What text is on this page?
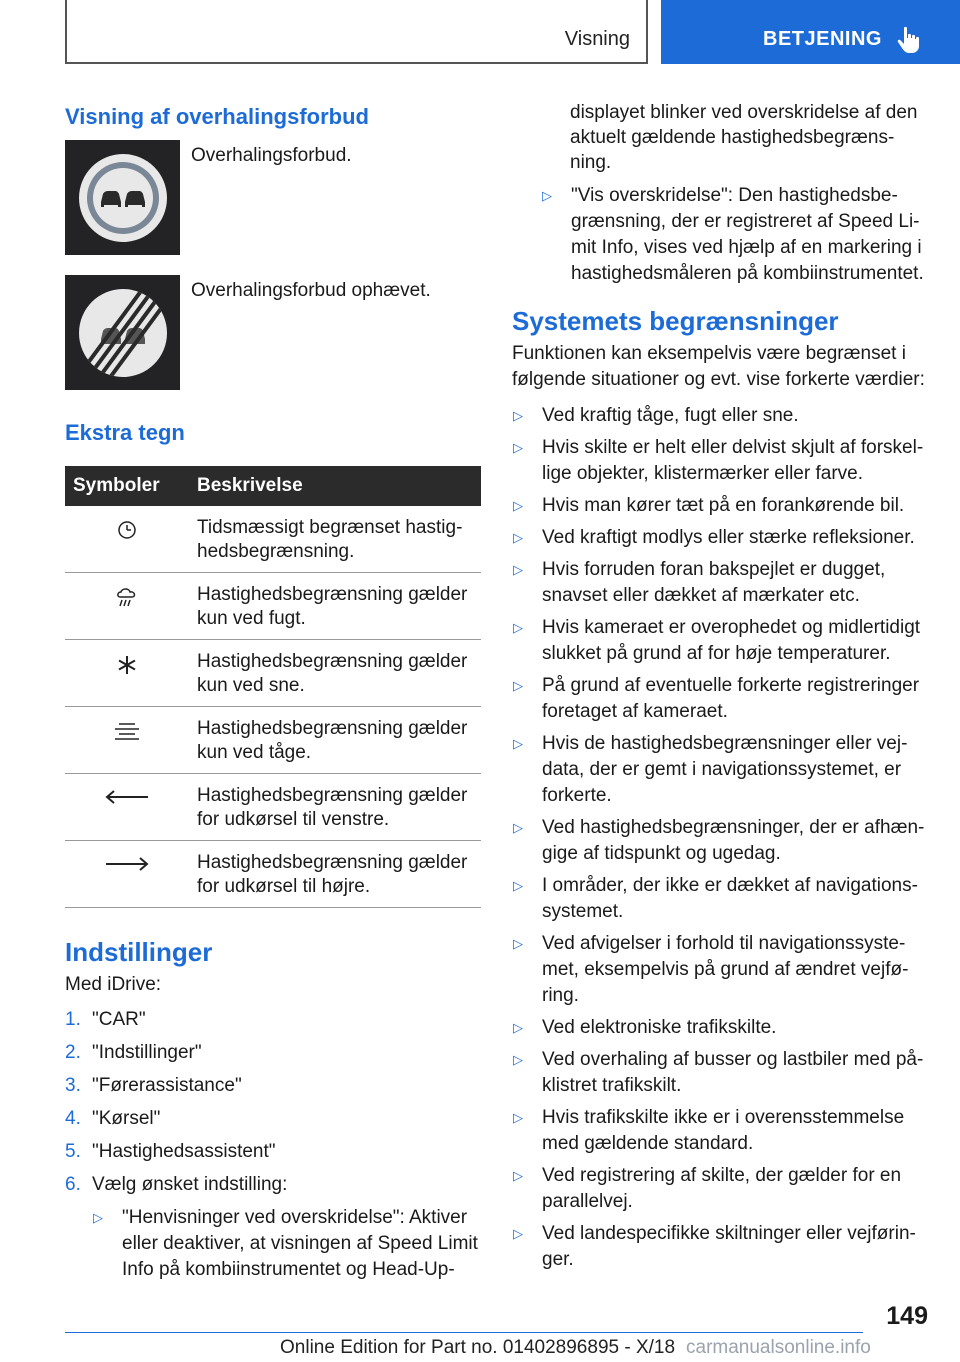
Visning	BETJENING
Visning af overhalingsforbud
Overhalingsforbud.
Overhalingsforbud ophævet.
Ekstra tegn
Symboler	Beskrivelse
	Tidsmæssigt begrænset hastig- hedsbegrænsning.
	Hastighedsbegrænsning gælder kun ved fugt.
	Hastighedsbegrænsning gælder kun ved sne.
	Hastighedsbegrænsning gælder kun ved tåge.
	Hastighedsbegrænsning gælder for udkørsel til venstre.
	Hastighedsbegrænsning gælder for udkørsel til højre.
Indstillinger

Med iDrive:

1. "CAR"
2. "Indstillinger"
3. "Førerassistance"
4. "Kørsel"
5. "Hastighedsassistent"
6. Vælg ønsket indstilling:
▷	"Henvisninger ved overskridelse": Aktiver eller deaktiver, at visningen af Speed Limit Info på kombiinstrumentet og Head-Up-

displayet blinker ved overskridelse af den aktuelt gældende hastighedsbegræns- ning.

▷	"Vis overskridelse": Den hastighedsbe- grænsning, der er registreret af Speed Li- mit Info, vises ved hjælp af en markering i hastighedsmåleren på kombiinstrumentet.
Systemets begrænsninger

Funktionen kan eksempelvis være begrænset i følgende situationer og evt. vise forkerte værdier:

▷	Ved kraftig tåge, fugt eller sne.
▷	Hvis skilte er helt eller delvist skjult af forskel- lige objekter, klistermærker eller farve.
▷	Hvis man kører tæt på en forankørende bil.
▷	Ved kraftigt modlys eller stærke refleksioner.
▷	Hvis forruden foran bakspejlet er dugget, snavset eller dækket af mærkater etc.
▷	Hvis kameraet er overophedet og midlertidigt slukket på grund af for høje temperaturer.
▷	På grund af eventuelle forkerte registreringer foretaget af kameraet.
▷	Hvis de hastighedsbegrænsninger eller vej- data, der er gemt i navigationssystemet, er forkerte.
▷	Ved hastighedsbegrænsninger, der er afhæn- gige af tidspunkt og ugedag.
▷	I områder, der ikke er dækket af navigations- systemet.
▷	Ved afvigelser i forhold til navigationssyste- met, eksempelvis på grund af ændret vejfø- ring.
▷	Ved elektroniske trafikskilte.
▷	Ved overhaling af busser og lastbiler med på- klistret trafikskilt.
▷	Hvis trafikskilte ikke er i overensstemmelse med gældende standard.
▷	Ved registrering af skilte, der gælder for en parallelvej.
▷	Ved landespecifikke skiltninger eller vejførin- ger.
149
Online Edition for Part no. 01402896895 - X/18 carmanualsonline.info
